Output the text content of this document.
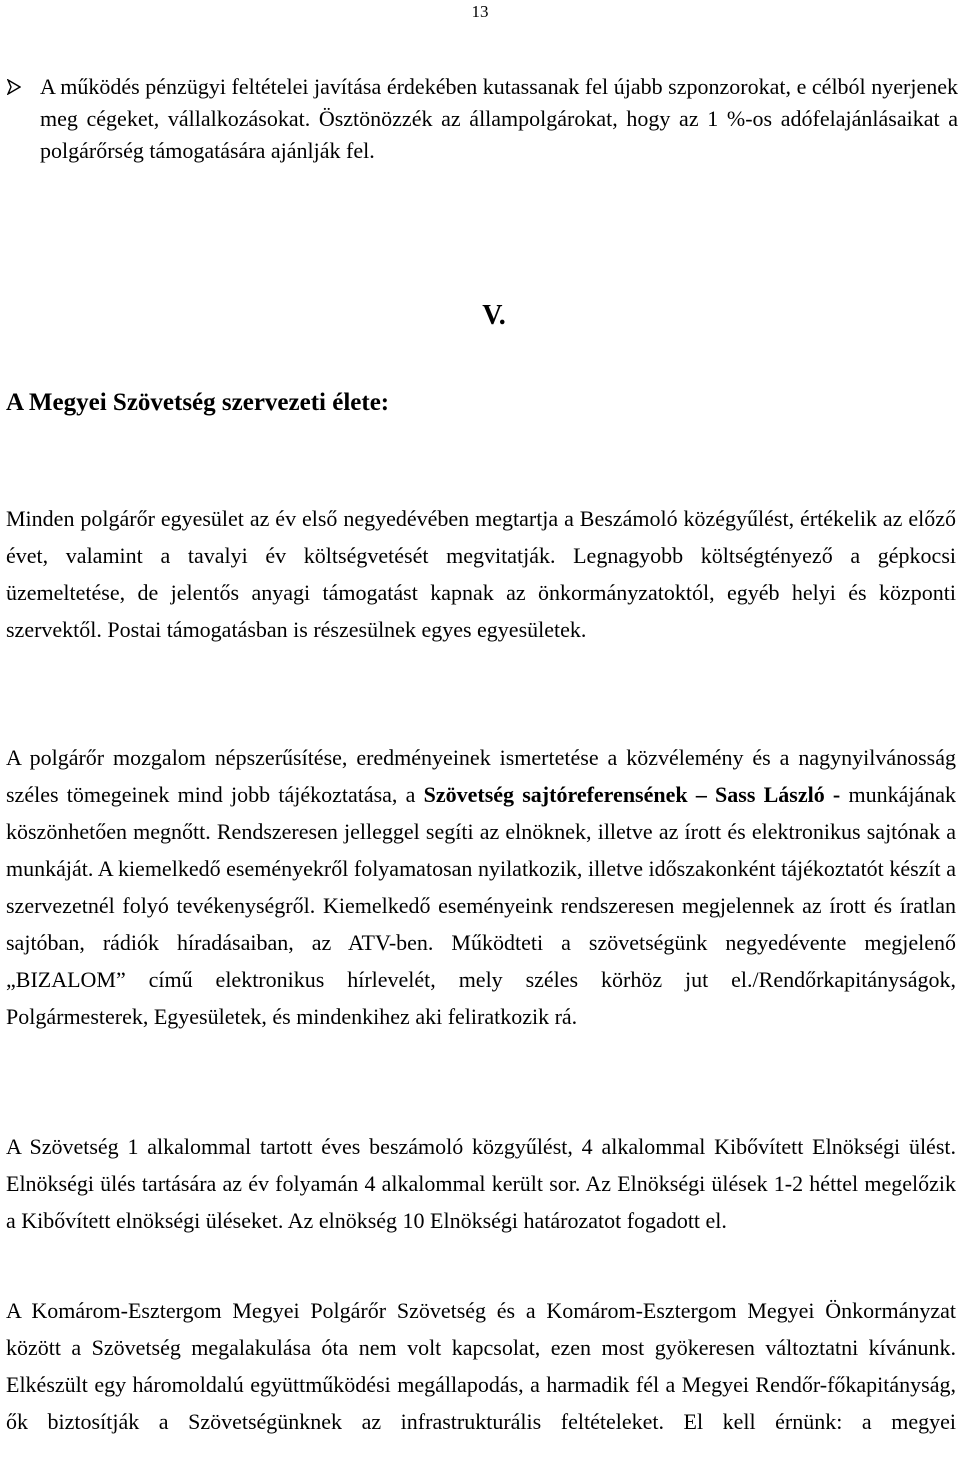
13
A működés pénzügyi feltételei javítása érdekében kutassanak fel újabb szponzorokat, e célból nyerjenek meg cégeket, vállalkozásokat. Ösztönözzék az állampolgárokat, hogy az 1 %-os adófelajánlásaikat a polgárőrség támogatására ajánlják fel.
V.
A Megyei Szövetség szervezeti élete:

Minden polgárőr egyesület az év első negyedévében megtartja a Beszámoló közégyűlést, értékelik az előző évet, valamint a tavalyi év költségvetését megvitatják. Legnagyobb költségtényező a gépkocsi üzemeltetése, de jelentős anyagi támogatást kapnak az önkormányzatoktól, egyéb helyi és központi szervektől. Postai támogatásban is részesülnek egyes egyesületek.

A polgárőr mozgalom népszerűsítése, eredményeinek ismertetése a közvélemény és a nagynyilvánosság széles tömegeinek mind jobb tájékoztatása, a Szövetség sajtóreferensének – Sass László - munkájának köszönhetően megnőtt. Rendszeresen jelleggel segíti az elnöknek, illetve az írott és elektronikus sajtónak a munkáját. A kiemelkedő eseményekről folyamatosan nyilatkozik, illetve időszakonként tájékoztatót készít a szervezetnél folyó tevékenységről. Kiemelkedő eseményeink rendszeresen megjelennek az írott és íratlan sajtóban, rádiók híradásaiban, az ATV-ben. Működteti a szövetségünk negyedévente megjelenő „BIZALOM” című elektronikus hírlevelét, mely széles körhöz jut el./Rendőrkapitányságok, Polgármesterek, Egyesületek, és mindenkihez aki feliratkozik rá.

A Szövetség 1 alkalommal tartott éves beszámoló közgyűlést, 4 alkalommal Kibővített Elnökségi ülést. Elnökségi ülés tartására az év folyamán 4 alkalommal került sor. Az Elnökségi ülések 1-2 héttel megelőzik a Kibővített elnökségi üléseket. Az elnökség 10 Elnökségi határozatot fogadott el.

A Komárom-Esztergom Megyei Polgárőr Szövetség és a Komárom-Esztergom Megyei Önkormányzat között a Szövetség megalakulása óta nem volt kapcsolat, ezen most gyökeresen változtatni kívánunk. Elkészült egy háromoldalú együttműködési megállapodás, a harmadik fél a Megyei Rendőr-főkapitányság, ők biztosítják a Szövetségünknek az infrastrukturális feltételeket. El kell érnünk: a megyei
